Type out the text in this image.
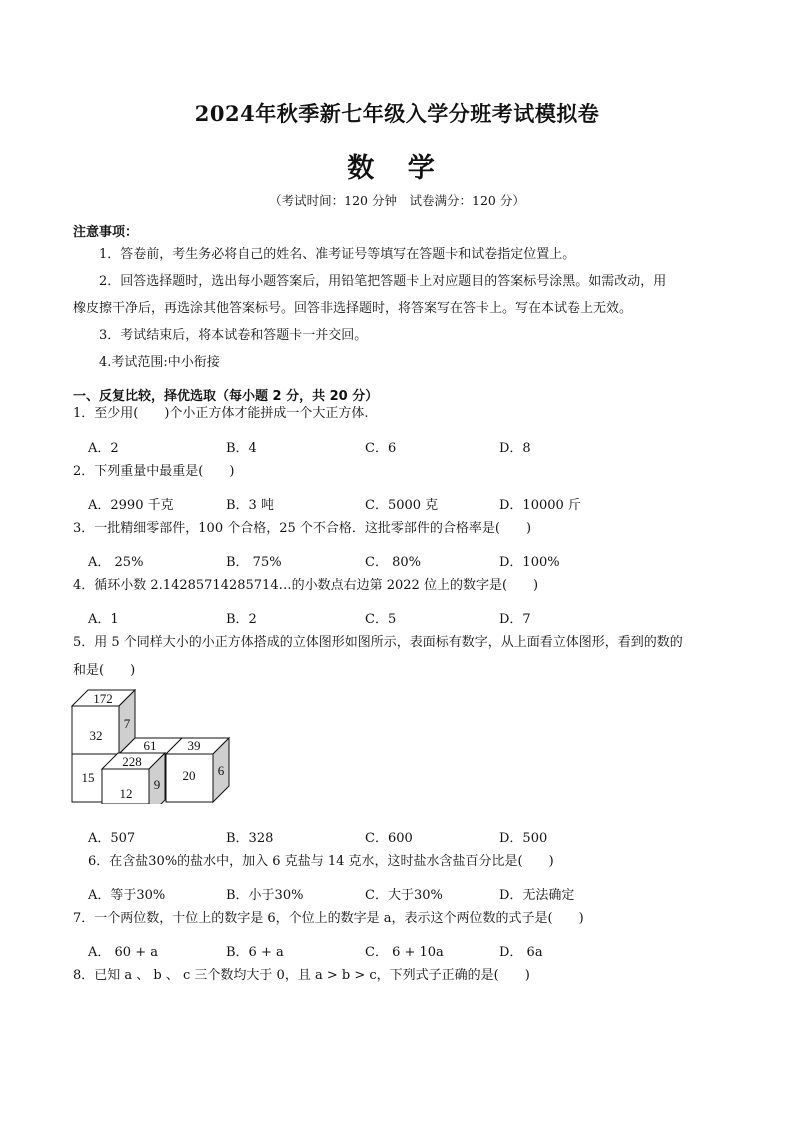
2024年秋季新七年级入学分班考试模拟卷
数 学
（考试时间：120 分钟　试卷满分：120 分）
注意事项：
1．答卷前，考生务必将自己的姓名、准考证号等填写在答题卡和试卷指定位置上。
2．回答选择题时，选出每小题答案后，用铅笔把答题卡上对应题目的答案标号涂黑。如需改动，用
橡皮擦干净后，再选涂其他答案标号。回答非选择题时，将答案写在答卡上。写在本试卷上无效。
3．考试结束后，将本试卷和答题卡一并交回。
4.考试范围:中小衔接
一、反复比较，择优选取（每小题 2 分，共 20 分）
1．至少用(　　)个小正方体才能拼成一个大正方体.
A．2	B．4	C．6	D．8
2．下列重量中最重是(　　)
A．2990 千克	B．3 吨	C．5000 克	D．10000 斤
3．一批精细零部件，100 个合格，25 个不合格．这批零部件的合格率是(　　)
A． 25%	B． 75%	C． 80%	D．100%
4．循环小数 2.14285714285714…的小数点右边第 2022 位上的数字是(　　)
A．1	B．2	C．5	D．7
5．用 5 个同样大小的小正方体搭成的立体图形如图所示，表面标有数字，从上面看立体图形，看到的数的
和是(　　)
172
7
32
15
61 39
20 6
228
12
9
A．507	B．328	C．600	D．500
6．在含盐30%的盐水中，加入 6 克盐与 14 克水，这时盐水含盐百分比是(　　)
A．等于30%	B．小于30%	C．大于30%	D．无法确定
7．一个两位数，十位上的数字是 6，个位上的数字是 a，表示这个两位数的式子是(　　)
A． 60 + a	B．6 + a	C． 6 + 10a	D． 6a
8．已知 a 、 b 、 c 三个数均大于 0，且 a > b > c，下列式子正确的是(　　)
